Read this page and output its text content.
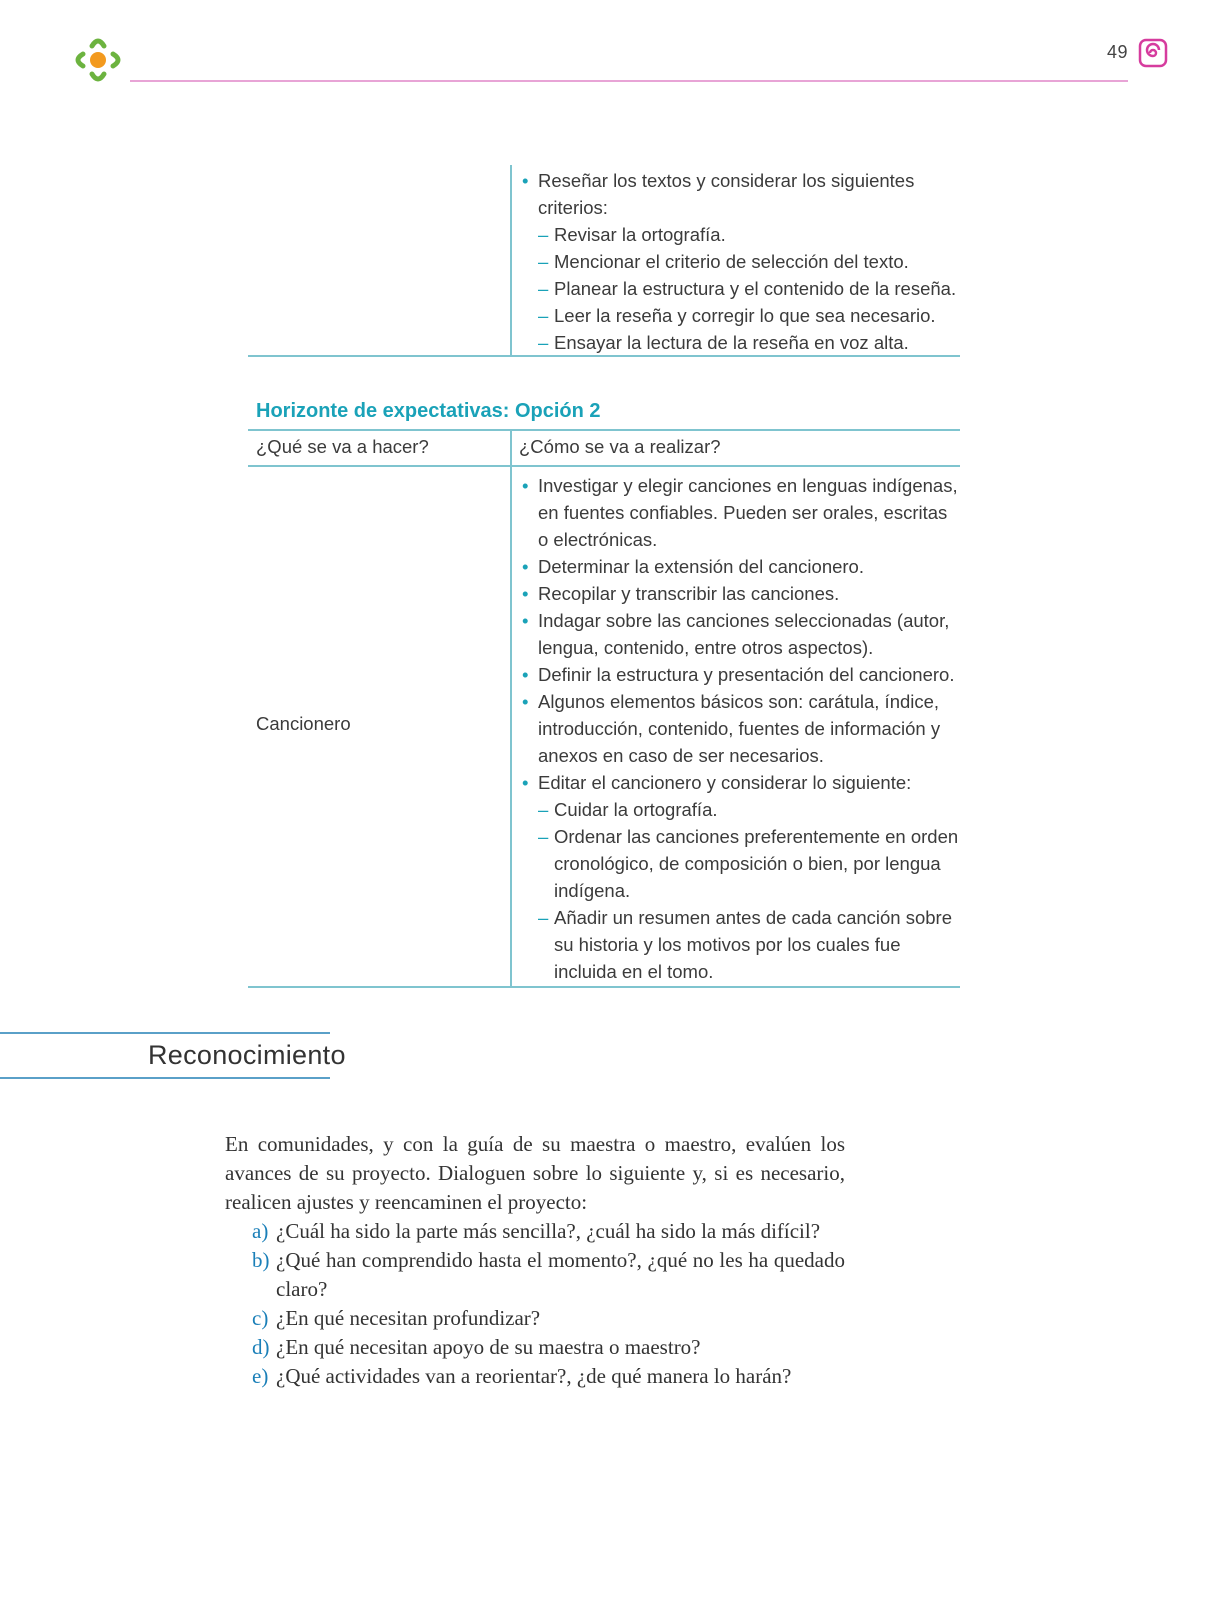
49
• Reseñar los textos y considerar los siguientes criterios:
– Revisar la ortografía.
– Mencionar el criterio de selección del texto.
– Planear la estructura y el contenido de la reseña.
– Leer la reseña y corregir lo que sea necesario.
– Ensayar la lectura de la reseña en voz alta.
Horizonte de expectativas: Opción 2
¿Qué se va a hacer?	¿Cómo se va a realizar?
Cancionero
• Investigar y elegir canciones en lenguas indígenas, en fuentes confiables. Pueden ser orales, escritas o electrónicas.
• Determinar la extensión del cancionero.
• Recopilar y transcribir las canciones.
• Indagar sobre las canciones seleccionadas (autor, lengua, contenido, entre otros aspectos).
• Definir la estructura y presentación del cancionero.
• Algunos elementos básicos son: carátula, índice, introducción, contenido, fuentes de información y anexos en caso de ser necesarios.
• Editar el cancionero y considerar lo siguiente:
– Cuidar la ortografía.
– Ordenar las canciones preferentemente en orden cronológico, de composición o bien, por lengua indígena.
– Añadir un resumen antes de cada canción sobre su historia y los motivos por los cuales fue incluida en el tomo.
Reconocimiento
En comunidades, y con la guía de su maestra o maestro, evalúen los avances de su proyecto. Dialoguen sobre lo siguiente y, si es necesario, realicen ajustes y reencaminen el proyecto:
a) ¿Cuál ha sido la parte más sencilla?, ¿cuál ha sido la más difícil?
b) ¿Qué han comprendido hasta el momento?, ¿qué no les ha quedado claro?
c) ¿En qué necesitan profundizar?
d) ¿En qué necesitan apoyo de su maestra o maestro?
e) ¿Qué actividades van a reorientar?, ¿de qué manera lo harán?
